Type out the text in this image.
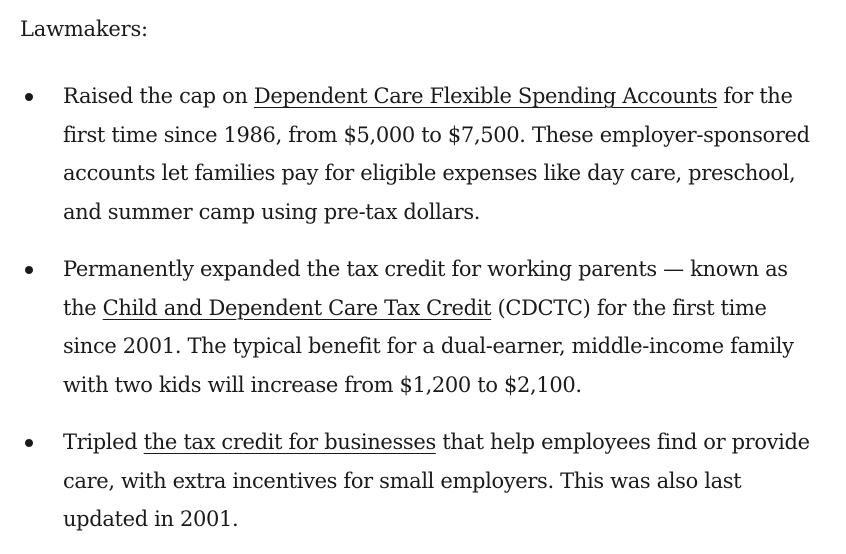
Lawmakers:

Raised the cap on Dependent Care Flexible Spending Accounts for the first time since 1986, from $5,000 to $7,500. These employer-sponsored accounts let families pay for eligible expenses like day care, preschool, and summer camp using pre-tax dollars.
Permanently expanded the tax credit for working parents — known as the Child and Dependent Care Tax Credit (CDCTC) for the first time since 2001. The typical benefit for a dual-earner, middle-income family with two kids will increase from $1,200 to $2,100.
Tripled the tax credit for businesses that help employees find or provide care, with extra incentives for small employers. This was also last updated in 2001.
